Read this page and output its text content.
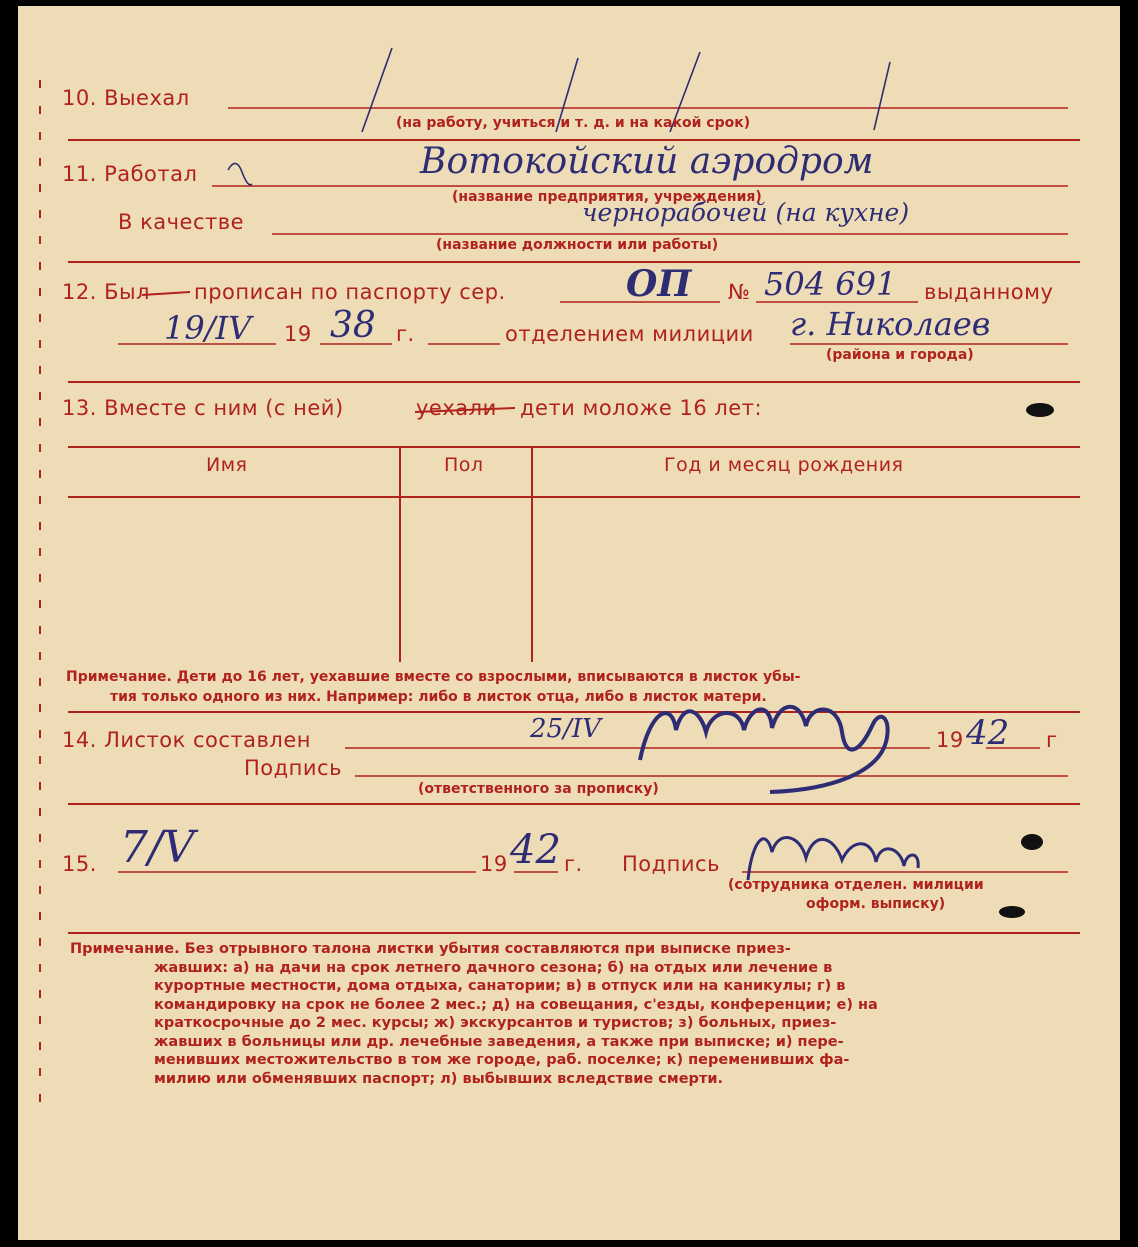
10. Выехал
(на работу, учиться и т. д. и на какой срок)
11. Работал
(название предприятия, учреждения)
В качестве
(название должности или работы)
12. Был прописан по паспорту сер.	№	выданному
19	г.	отделением милиции
(района и города)
13. Вместе с ним (с ней)	уехали дети моложе 16 лет:
Имя	Пол	Год и месяц рождения
Примечание. Дети до 16 лет, уехавшие вместе со взрослыми, вписываются в листок убы-
тия только одного из них. Например: либо в листок отца, либо в листок матери.
14. Листок составлен	19	г
Подпись
(ответственного за прописку)
15.	19	г. Подпись
(сотрудника отделен. милиции
оформ. выписку)
Примечание. Без отрывного талона листки убытия составляются при выписке приез-
жавших: а) на дачи на срок летнего дачного сезона; б) на отдых или лечение в
курортные местности, дома отдыха, санатории; в) в отпуск или на каникулы; г) в
командировку на срок не более 2 мес.; д) на совещания, с'езды, конференции; е) на
краткосрочные до 2 мес. курсы; ж) экскурсантов и туристов; з) больных, приез-
жавших в больницы или др. лечебные заведения, а также при выписке; и) пере-
менивших местожительство в том же городе, раб. поселке; к) переменивших фа-
милию или обменявших паспорт; л) выбывших вследствие смерти.
Вотокойский аэродром
чернорабочей (на кухне)
ОП 504 691
19/IV 38	г. Николаев
25/IV	42
7/V	42
